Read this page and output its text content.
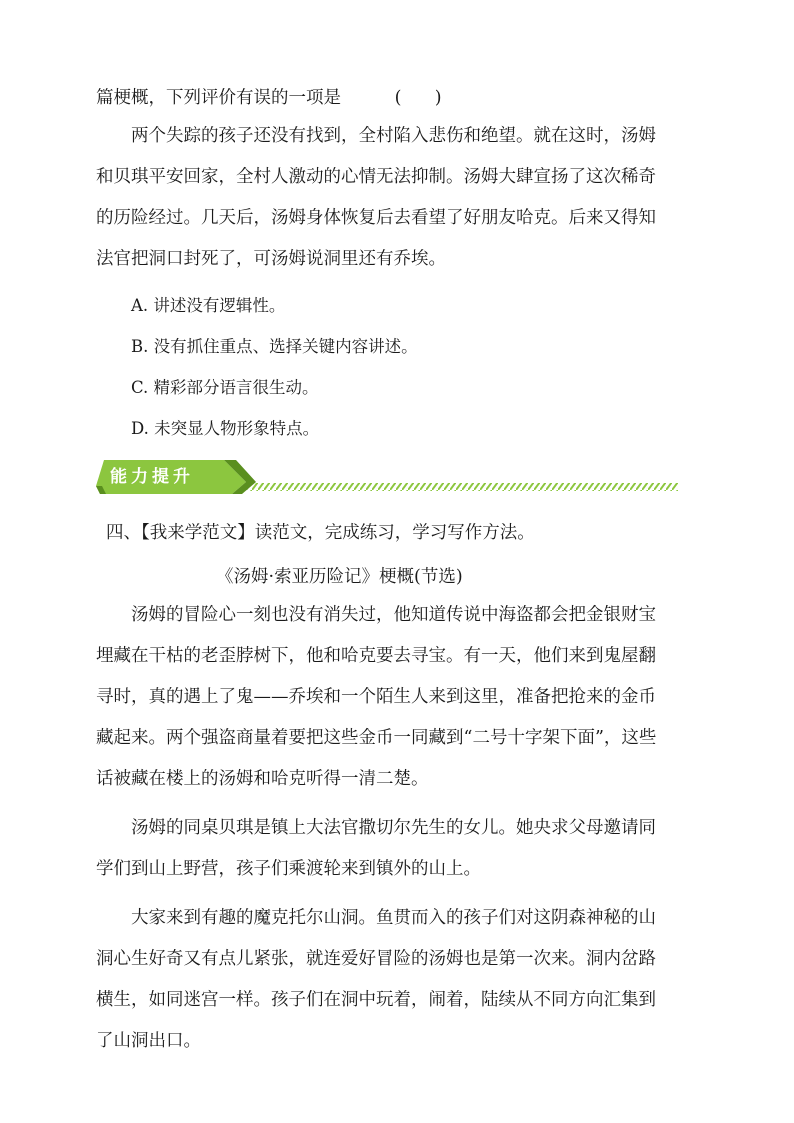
篇梗概，下列评价有误的一项是	(      )
两个失踪的孩子还没有找到，全村陷入悲伤和绝望。就在这时，汤姆
和贝琪平安回家，全村人激动的心情无法抑制。汤姆大肆宣扬了这次稀奇
的历险经过。几天后，汤姆身体恢复后去看望了好朋友哈克。后来又得知
法官把洞口封死了，可汤姆说洞里还有乔埃。
A. 讲述没有逻辑性。
B. 没有抓住重点、选择关键内容讲述。
C. 精彩部分语言很生动。
D. 未突显人物形象特点。
能力提升
四、【我来学范文】读范文，完成练习，学习写作方法。
《汤姆·索亚历险记》梗概(节选)
汤姆的冒险心一刻也没有消失过，他知道传说中海盗都会把金银财宝
埋藏在干枯的老歪脖树下，他和哈克要去寻宝。有一天，他们来到鬼屋翻
寻时，真的遇上了鬼——乔埃和一个陌生人来到这里，准备把抢来的金币
藏起来。两个强盗商量着要把这些金币一同藏到“二号十字架下面”，这些
话被藏在楼上的汤姆和哈克听得一清二楚。
汤姆的同桌贝琪是镇上大法官撒切尔先生的女儿。她央求父母邀请同
学们到山上野营，孩子们乘渡轮来到镇外的山上。
大家来到有趣的魔克托尔山洞。鱼贯而入的孩子们对这阴森神秘的山
洞心生好奇又有点儿紧张，就连爱好冒险的汤姆也是第一次来。洞内岔路
横生，如同迷宫一样。孩子们在洞中玩着，闹着，陆续从不同方向汇集到
了山洞出口。
